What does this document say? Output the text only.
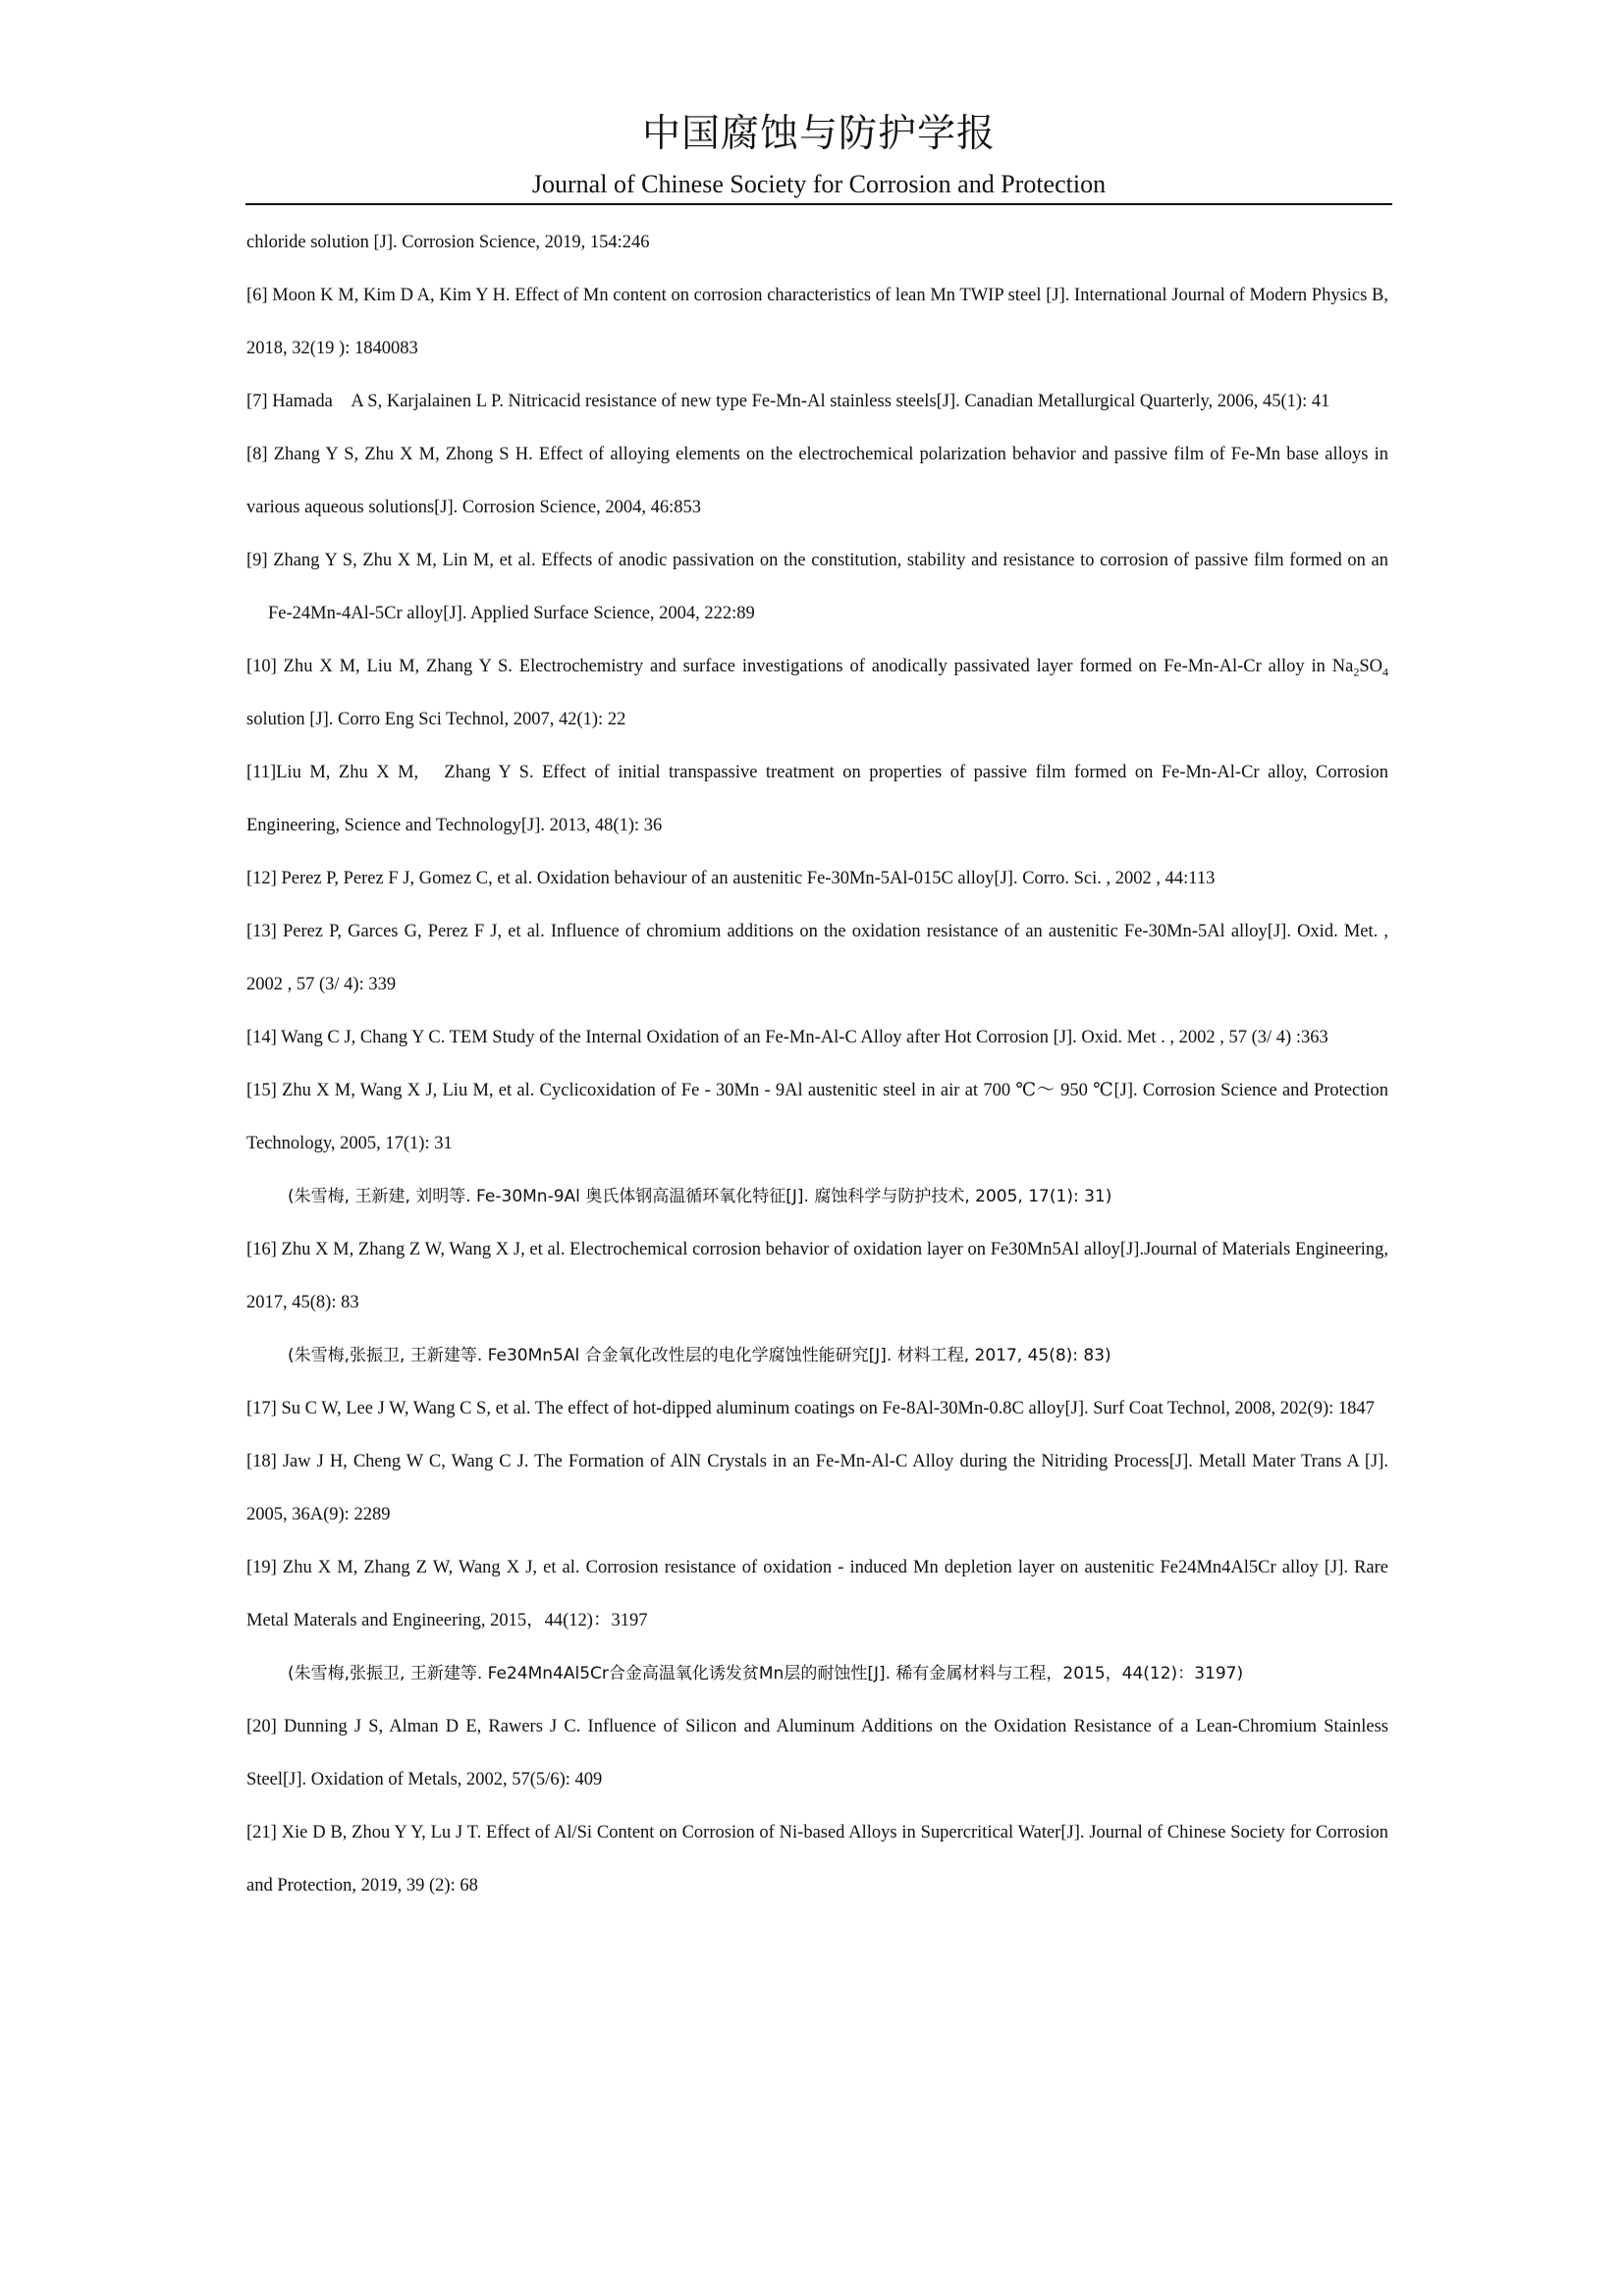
中国腐蚀与防护学报
Journal of Chinese Society for Corrosion and Protection

chloride solution [J]. Corrosion Science, 2019, 154:246

[6] Moon K M, Kim D A, Kim Y H. Effect of Mn content on corrosion characteristics of lean Mn TWIP steel [J]. International Journal of Modern Physics B, 2018, 32(19 ): 1840083

[7] Hamada　A S, Karjalainen L P. Nitricacid resistance of new type Fe-Mn-Al stainless steels[J]. Canadian Metallurgical Quarterly, 2006, 45(1): 41

[8] Zhang Y S, Zhu X M, Zhong S H. Effect of alloying elements on the electrochemical polarization behavior and passive film of Fe-Mn base alloys in various aqueous solutions[J]. Corrosion Science, 2004, 46:853

[9] Zhang Y S, Zhu X M, Lin M, et al. Effects of anodic passivation on the constitution, stability and resistance to corrosion of passive film formed on an Fe-24Mn-4Al-5Cr alloy[J]. Applied Surface Science, 2004, 222:89

[10] Zhu X M, Liu M, Zhang Y S. Electrochemistry and surface investigations of anodically passivated layer formed on Fe-Mn-Al-Cr alloy in $Na_2SO_4$ solution [J]. Corro Eng Sci Technol, 2007, 42(1): 22

[11]Liu M, Zhu X M,　Zhang Y S. Effect of initial transpassive treatment on properties of passive film formed on Fe-Mn-Al-Cr alloy, Corrosion Engineering, Science and Technology[J]. 2013, 48(1): 36

[12] Perez P, Perez F J, Gomez C, et al. Oxidation behaviour of an austenitic Fe-30Mn-5Al-015C alloy[J]. Corro. Sci. , 2002 , 44:113

[13] Perez P, Garces G, Perez F J, et al. Influence of chromium additions on the oxidation resistance of an austenitic Fe-30Mn-5Al alloy[J]. Oxid. Met. , 2002 , 57 (3/ 4): 339

[14] Wang C J, Chang Y C. TEM Study of the Internal Oxidation of an Fe-Mn-Al-C Alloy after Hot Corrosion [J]. Oxid. Met . , 2002 , 57 (3/ 4) :363

[15] Zhu X M, Wang X J, Liu M, et al. Cyclicoxidation of Fe - 30Mn - 9Al austenitic steel in air at 700 ℃～ 950 ℃[J]. Corrosion Science and Protection Technology, 2005, 17(1): 31

(朱雪梅, 王新建, 刘明等. Fe-30Mn-9Al 奥氏体钢高温循环氧化特征[J]. 腐蚀科学与防护技术, 2005, 17(1): 31)

[16] Zhu X M, Zhang Z W, Wang X J, et al. Electrochemical corrosion behavior of oxidation layer on Fe30Mn5Al alloy[J].Journal of Materials Engineering, 2017, 45(8): 83

(朱雪梅,张振卫, 王新建等. Fe30Mn5Al 合金氧化改性层的电化学腐蚀性能研究[J]. 材料工程, 2017, 45(8): 83)

[17] Su C W, Lee J W, Wang C S, et al. The effect of hot-dipped aluminum coatings on Fe-8Al-30Mn-0.8C alloy[J]. Surf Coat Technol, 2008, 202(9): 1847

[18] Jaw J H, Cheng W C, Wang C J. The Formation of AlN Crystals in an Fe-Mn-Al-C Alloy during the Nitriding Process[J]. Metall Mater Trans A [J]. 2005, 36A(9): 2289

[19] Zhu X M, Zhang Z W, Wang X J, et al. Corrosion resistance of oxidation - induced Mn depletion layer on austenitic Fe24Mn4Al5Cr alloy [J]. Rare Metal Materals and Engineering, 2015，44(12)：3197

(朱雪梅,张振卫, 王新建等. Fe24Mn4Al5Cr合金高温氧化诱发贫Mn层的耐蚀性[J]. 稀有金属材料与工程，2015，44(12)：3197)

[20] Dunning J S, Alman D E, Rawers J C. Influence of Silicon and Aluminum Additions on the Oxidation Resistance of a Lean-Chromium Stainless Steel[J]. Oxidation of Metals, 2002, 57(5/6): 409

[21] Xie D B, Zhou Y Y, Lu J T. Effect of Al/Si Content on Corrosion of Ni-based Alloys in Supercritical Water[J]. Journal of Chinese Society for Corrosion and Protection, 2019, 39 (2): 68
